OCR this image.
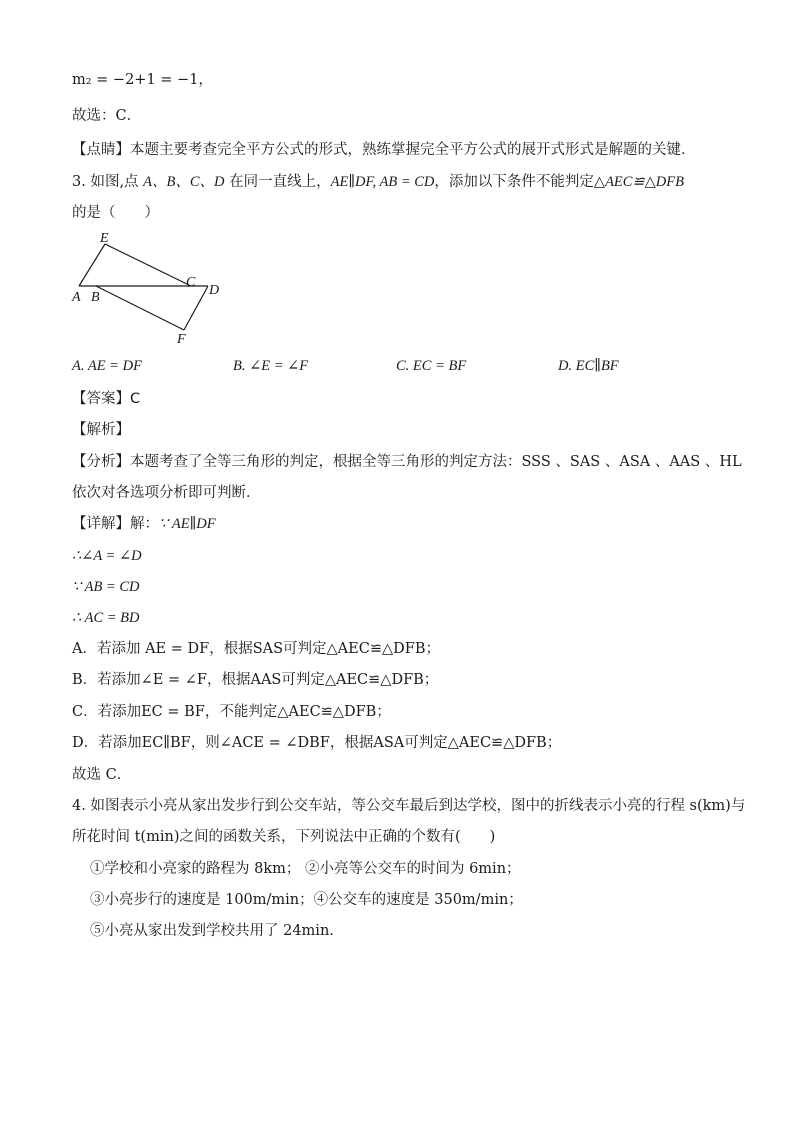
m₂ = −2+1 = −1，
故选：C．
【点睛】本题主要考查完全平方公式的形式，熟练掌握完全平方公式的展开式形式是解题的关键．
3. 如图,点 A、B、C、D 在同一直线上，AE∥DF, AB = CD，添加以下条件不能判定△AEC≌△DFB
的是（　　）
E
A B
C
D
F
A. AE = DF	B. ∠E = ∠F	C. EC = BF	D. EC∥BF
【答案】C
【解析】
【分析】本题考查了全等三角形的判定，根据全等三角形的判定方法：SSS 、SAS 、ASA 、AAS 、HL
依次对各选项分析即可判断．
【详解】解：∵ AE∥DF
∴∠A = ∠D
∵ AB = CD
∴ AC = BD
A．若添加 AE = DF，根据SAS可判定△AEC≌△DFB；
B．若添加∠E = ∠F，根据AAS可判定△AEC≌△DFB；
C．若添加EC = BF，不能判定△AEC≌△DFB；
D．若添加EC∥BF，则∠ACE = ∠DBF，根据ASA可判定△AEC≌△DFB；
故选 C．
4. 如图表示小亮从家出发步行到公交车站，等公交车最后到达学校，图中的折线表示小亮的行程 s(km)与
所花时间 t(min)之间的函数关系，下列说法中正确的个数有(　　)
①学校和小亮家的路程为 8km； ②小亮等公交车的时间为 6min；
③小亮步行的速度是 100m/min；④公交车的速度是 350m/min；
⑤小亮从家出发到学校共用了 24min.
